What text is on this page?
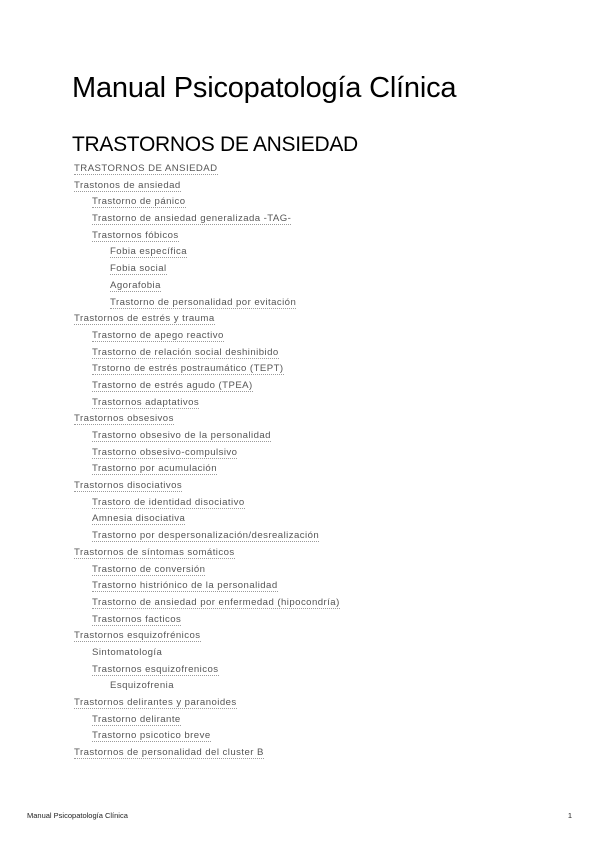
Manual Psicopatología Clínica
TRASTORNOS DE ANSIEDAD
TRASTORNOS DE ANSIEDAD
Trastonos de ansiedad
Trastorno de pánico
Trastorno de ansiedad generalizada -TAG-
Trastornos fóbicos
Fobia específica
Fobia social
Agorafobia
Trastorno de personalidad por evitación
Trastornos de estrés y trauma
Trastorno de apego reactivo
Trastorno de relación social deshinibido
Trstorno de estrés postraumático (TEPT)
Trastorno de estrés agudo (TPEA)
Trastornos adaptativos
Trastornos obsesivos
Trastorno obsesivo de la personalidad
Trastorno obsesivo-compulsivo
Trastorno por acumulación
Trastornos disociativos
Trastoro de identidad disociativo
Amnesia disociativa
Trastorno por despersonalización/desrealización
Trastornos de síntomas somáticos
Trastorno de conversión
Trastorno histriónico de la personalidad
Trastorno de ansiedad por enfermedad (hipocondría)
Trastornos facticos
Trastornos esquizofrénicos
Sintomatología
Trastornos esquizofrenicos
Esquizofrenia
Trastornos delirantes y paranoides
Trastorno delirante
Trastorno psicotico breve
Trastornos de personalidad del cluster B
Manual Psicopatología Clínica	1
